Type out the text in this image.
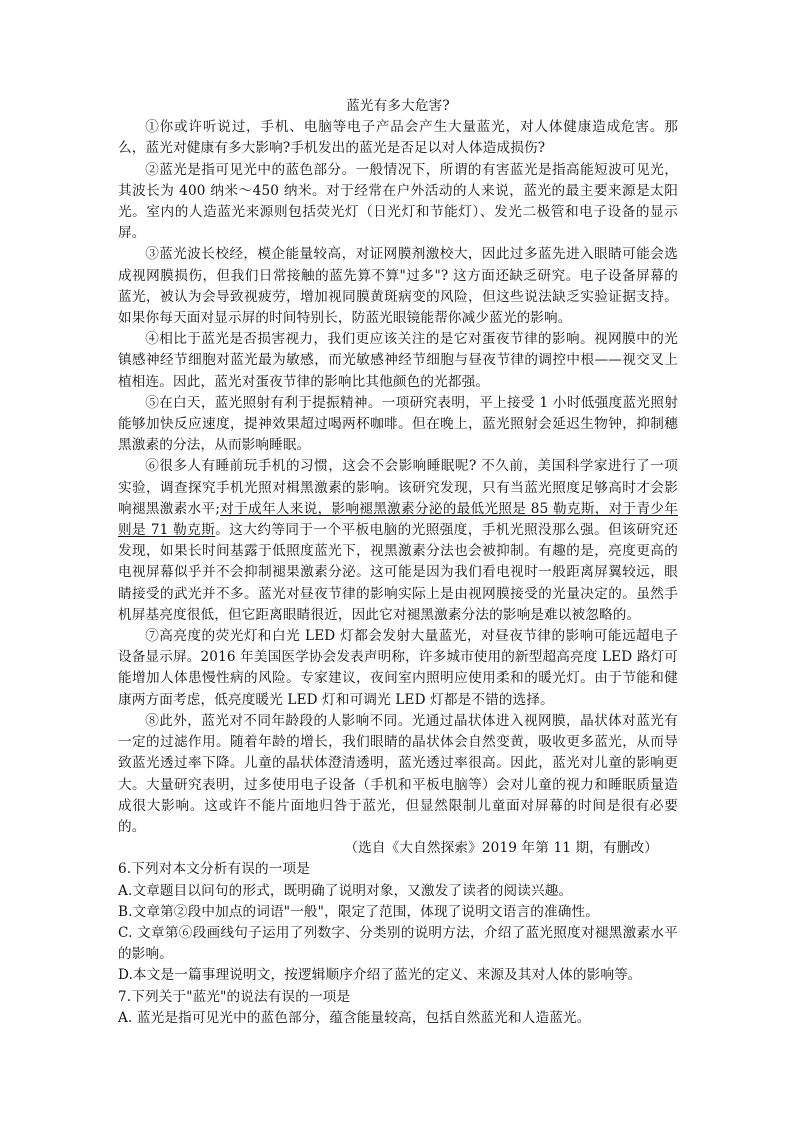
蓝光有多大危害?

①你或许听说过，手机、电脑等电子产品会产生大量蓝光，对人体健康造成危害。那么，蓝光对健康有多大影响?手机发出的蓝光是否足以对人体造成损伤?

②蓝光是指可见光中的蓝色部分。一般情况下，所谓的有害蓝光是指高能短波可见光，其波长为 400 纳米～450 纳米。对于经常在户外活动的人来说，蓝光的最主要来源是太阳光。室内的人造蓝光来源则包括荧光灯（日光灯和节能灯）、发光二极管和电子设备的显示屏。

③蓝光波长校经，模企能量较高，对证网膜剂激校大，因此过多蓝先进入眼睛可能会选成视网膜损伤，但我们日常接触的蓝先算不算"过多"? 这方面还缺乏研究。电子设备屏幕的蓝光，被认为会导致视疲劳，增加视同膜黄斑病变的风险，但这些说法缺乏实验证据支持。如果你每天面对显示屏的时间特别长，防蓝光眼镜能帮你减少蓝光的影响。

④相比于蓝光是否损害视力，我们更应该关注的是它对蛋夜节律的影响。视网膜中的光镇感神经节细胞对蓝光最为敏感，而光敏感神经节细胞与昼夜节律的调控中根——视交叉上植相连。因此，蓝光对蛋夜节律的影响比其他颜色的光都强。

⑤在白天，蓝光照射有利于提振精神。一项研究表明，平上接受 1 小时低强度蓝光照射能够加快反应速度，提神效果超过喝两杯咖啡。但在晚上，蓝光照射会延迟生物钟，抑制穗黑激素的分法，从而影响睡眠。

⑥很多人有睡前玩手机的习惯，这会不会影响睡眠呢? 不久前，美国科学家进行了一项实验，调查探究手机光照对楫黑激素的影响。该研究发现，只有当蓝光照度足够高时才会影响褪黑激素水平;对于成年人来说，影响褪黑激素分泌的最低光照是 85 勒克斯，对于青少年则是 71 勒克斯。这大约等同于一个平板电脑的光照强度，手机光照没那么强。但该研究还发现，如果长时间基露于低照度蓝光下，视黑激素分法也会被抑制。有趣的是，亮度更高的电视屏幕似乎并不会抑制褪果激素分泌。这可能是因为我们看电视时一般距离屏翼较远，眼睛接受的武光并不多。蓝光对昼夜节律的影响实际上是由视网膜接受的光量决定的。虽然手机屏基亮度很低，但它距离眼睛很近，因此它对褪黑激素分法的影响是难以被忽略的。

⑦高亮度的荧光灯和白光 LED 灯都会发射大量蓝光，对昼夜节律的影响可能远超电子设备显示屏。2016 年美国医学协会发表声明称，许多城市使用的新型超高亮度 LED 路灯可能增加人体患慢性病的风险。专家建议，夜间室内照明应使用柔和的暖光灯。由于节能和健康两方面考虑，低亮度暖光 LED 灯和可调光 LED 灯都是不错的选择。

⑧此外，蓝光对不同年龄段的人影响不同。光通过晶状体进入视网膜，晶状体对蓝光有一定的过滤作用。随着年龄的增长，我们眼睛的晶状体会自然变黄，吸收更多蓝光，从而导致蓝光透过率下降。儿童的晶状体澄清透明，蓝光透过率很高。因此，蓝光对儿童的影响更大。大量研究表明，过多使用电子设备（手机和平板电脑等）会对儿童的视力和睡眠质量造成很大影响。这或许不能片面地归咎于蓝光，但显然限制儿童面对屏幕的时间是很有必要的。

（选自《大自然探索》2019 年第 11 期，有删改）

6.下列对本文分析有误的一项是

A.文章题目以问句的形式，既明确了说明对象，又激发了读者的阅读兴趣。

B.文章第②段中加点的词语"一般"，限定了范围，体现了说明文语言的准确性。

C. 文章第⑥段画线句子运用了列数字、分类别的说明方法，介绍了蓝光照度对褪黑激素水平的影响。

D.本文是一篇事理说明文，按逻辑顺序介绍了蓝光的定义、来源及其对人体的影响等。

7.下列关于"蓝光"的说法有误的一项是

A. 蓝光是指可见光中的蓝色部分，蕴含能量较高，包括自然蓝光和人造蓝光。
